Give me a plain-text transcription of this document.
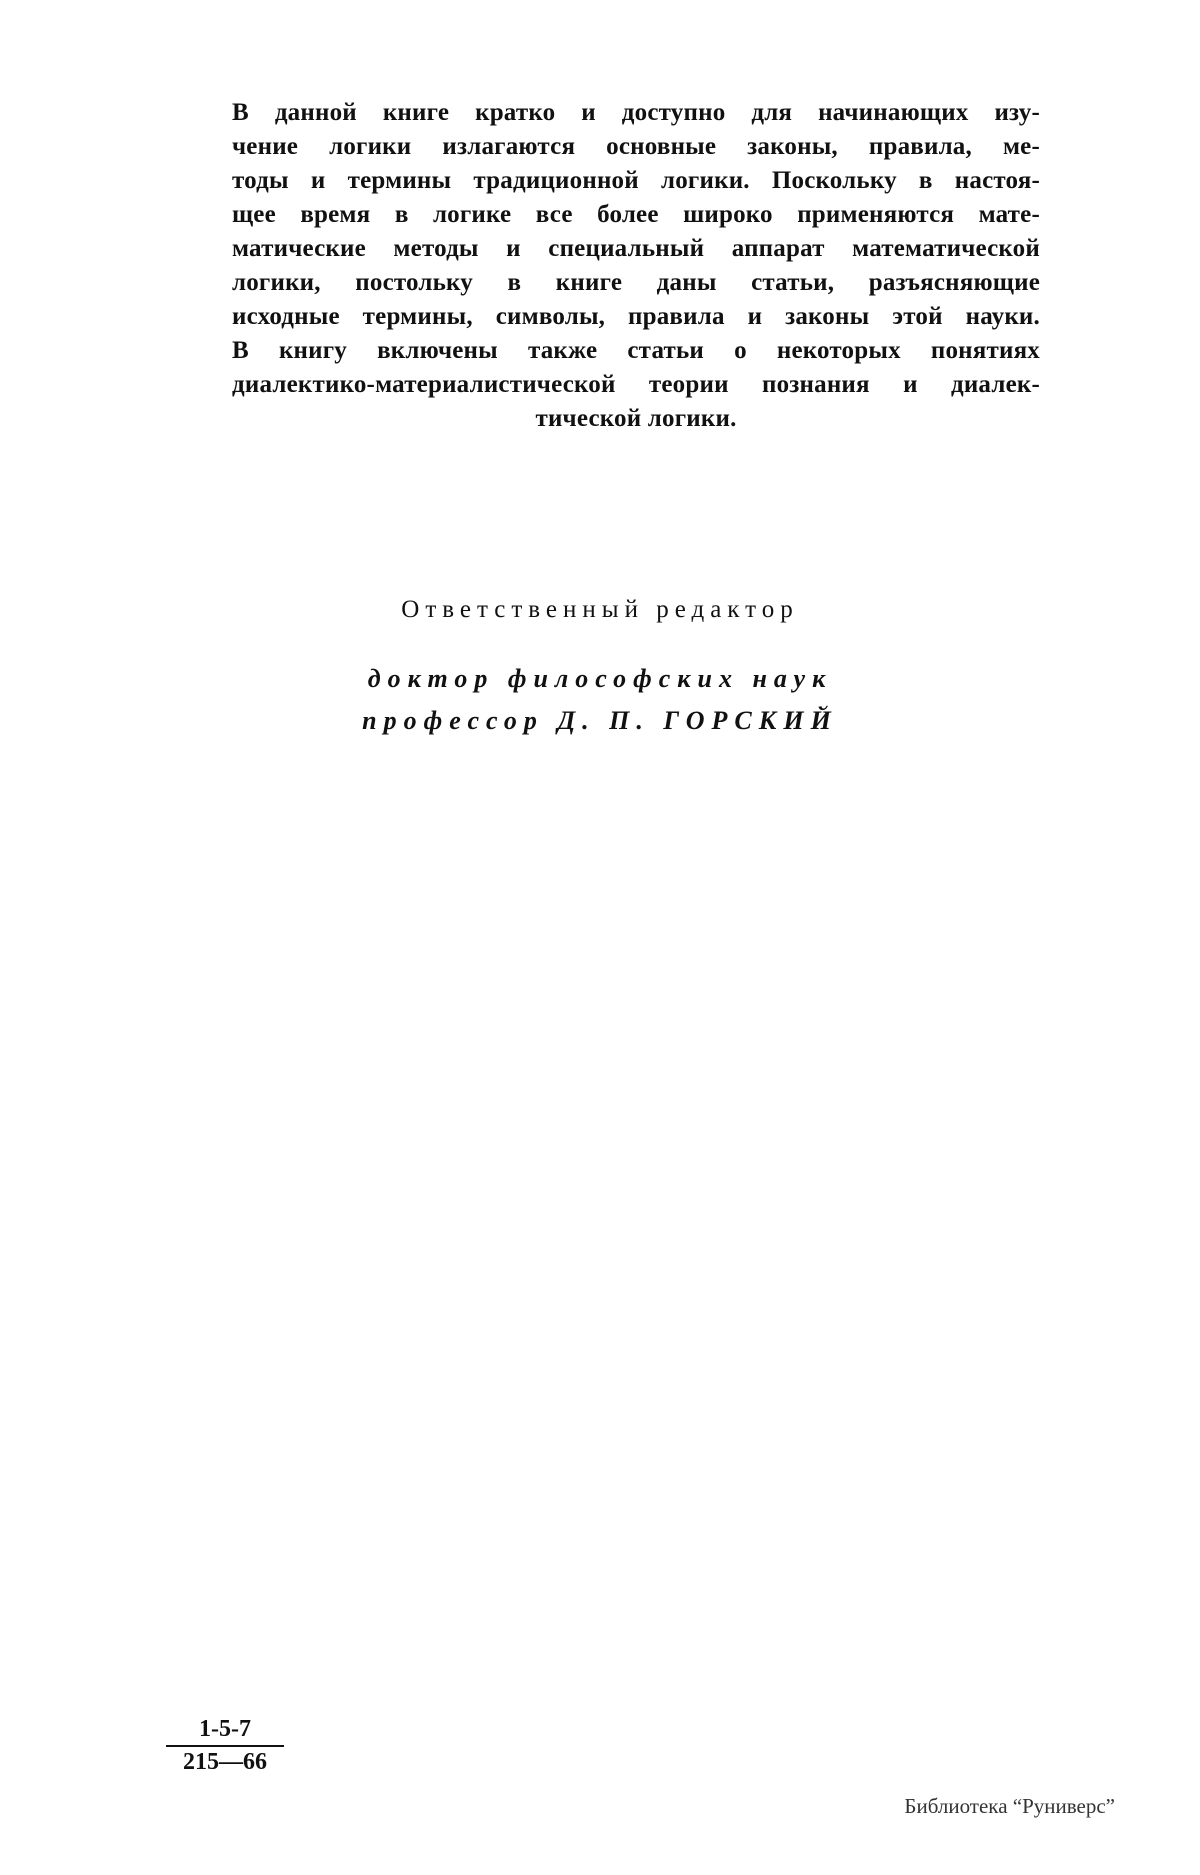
В данной книге кратко и доступно для начинающих изу-
чение логики излагаются основные законы, правила, ме-
тоды и термины традиционной логики. Поскольку в настоя-
щее время в логике все более широко применяются мате-
матические методы и специальный аппарат математической
логики, постольку в книге даны статьи, разъясняющие
исходные термины, символы, правила и законы этой науки.
В книгу включены также статьи о некоторых понятиях
диалектико-материалистической теории познания и диалек-
тической логики.
Ответственный редактор
доктор философских наук
профессор Д. П. ГОРСКИЙ
$\frac{1-5-7}{215—66}$
Библиотека “Руниверс”
